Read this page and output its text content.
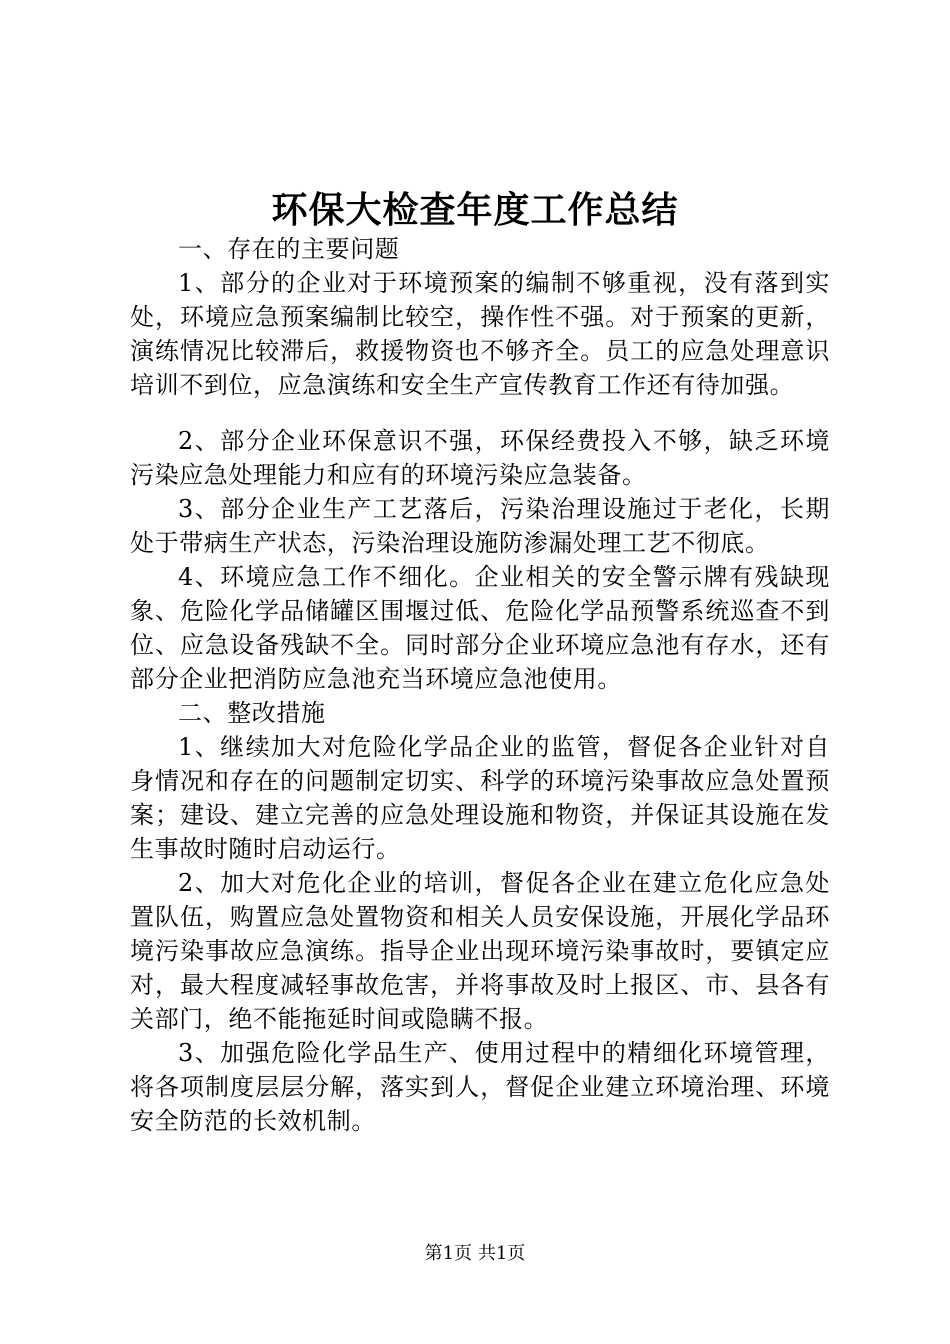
环保大检查年度工作总结

一、存在的主要问题

1、部分的企业对于环境预案的编制不够重视，没有落到实处，环境应急预案编制比较空，操作性不强。对于预案的更新，演练情况比较滞后，救援物资也不够齐全。员工的应急处理意识培训不到位，应急演练和安全生产宣传教育工作还有待加强。

2、部分企业环保意识不强，环保经费投入不够，缺乏环境污染应急处理能力和应有的环境污染应急装备。

3、部分企业生产工艺落后，污染治理设施过于老化，长期处于带病生产状态，污染治理设施防渗漏处理工艺不彻底。

4、环境应急工作不细化。企业相关的安全警示牌有残缺现象、危险化学品储罐区围堰过低、危险化学品预警系统巡查不到位、应急设备残缺不全。同时部分企业环境应急池有存水，还有部分企业把消防应急池充当环境应急池使用。

二、整改措施

1、继续加大对危险化学品企业的监管，督促各企业针对自身情况和存在的问题制定切实、科学的环境污染事故应急处置预案；建设、建立完善的应急处理设施和物资，并保证其设施在发生事故时随时启动运行。

2、加大对危化企业的培训，督促各企业在建立危化应急处置队伍，购置应急处置物资和相关人员安保设施，开展化学品环境污染事故应急演练。指导企业出现环境污染事故时，要镇定应对，最大程度减轻事故危害，并将事故及时上报区、市、县各有关部门，绝不能拖延时间或隐瞒不报。

3、加强危险化学品生产、使用过程中的精细化环境管理，将各项制度层层分解，落实到人，督促企业建立环境治理、环境安全防范的长效机制。

第1页 共1页
